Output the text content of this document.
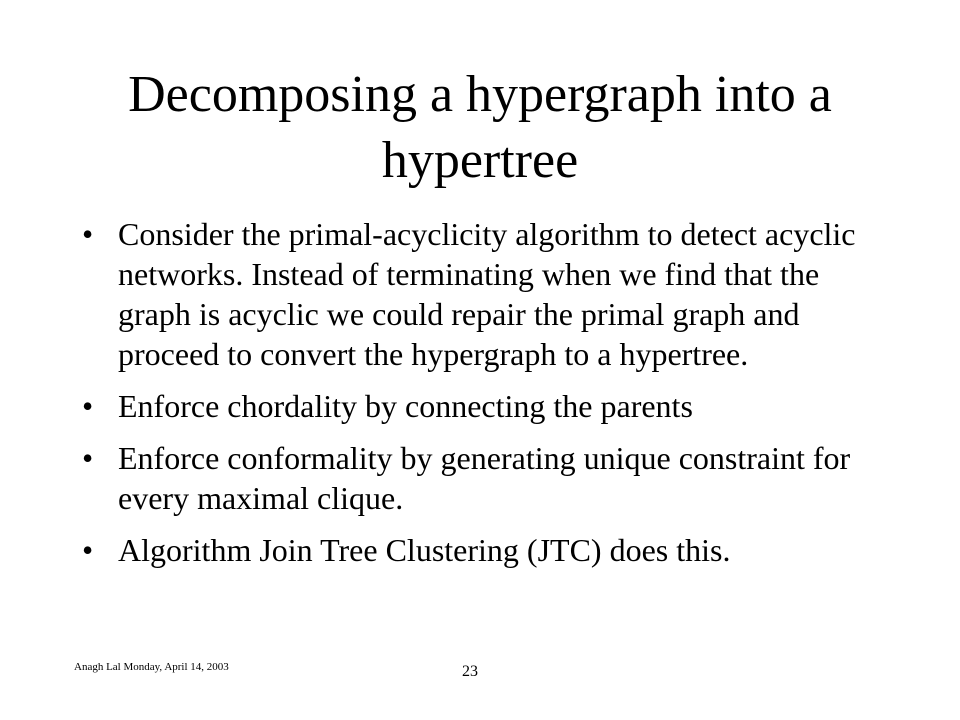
Decomposing a hypergraph into a
hypertree
• Consider the primal-acyclicity algorithm to detect acyclic networks. Instead of terminating when we find that the graph is acyclic we could repair the primal graph and proceed to convert the hypergraph to a hypertree.
• Enforce chordality by connecting the parents
• Enforce conformality by generating unique constraint for every maximal clique.
• Algorithm Join Tree Clustering (JTC) does this.
Anagh Lal Monday, April 14, 2003	23
